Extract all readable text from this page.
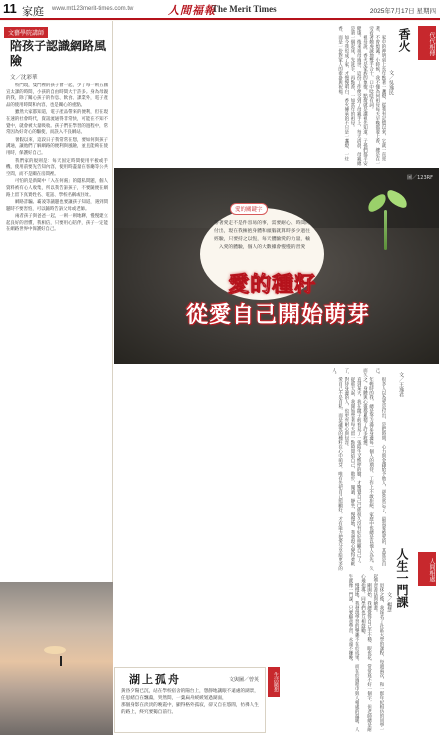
11 家庭 www.mt123merit-times.com.tw	人間福報
The Merit Times	2025年7月17日 星期四
文藝學院講師
陪孩子認識網路風險
文／沈彩華

校門現，隻門裡的孩子會一起，少了每一則五國宣太課的時間，小孩的自由時間大于許多。身為母親的我，除了關心孩子的作息、飲食、課業外，電子產品的使用時間和內容，也是關心的重點。

雖然大家都知道，電子產品帶來的便利，但在現在速的社會時代，資訊流通得非常快，可能在不知不覺中，就會被大量吸收。孩子們在學習的過程中，常常因為好奇心的驅使，而誤入不良網站。

暑假以來，這段日子我常常在想，要如何與孩子溝通，讓他們了解網路的便利與風險，並且能夠在使用時，保護好自己。

我們家的規則是：每天固定時間使用平板或手機，使用前要先告知內容，使用時盡量在客廳等公共空間，而不是關在房間裡。

可怕的是新聞中「入在何處」的隱私問題，個人資料被有心人收集，所以我告訴孩子，不要隨便在網路上留下真實姓名、電話、學校名稱或住址。

網路詐騙、霸凌等議題也要讓孩子知道，遇到問題時不要害怕，可以隨時告訴父母或老師。

兩者孩子與爸爸一起，一則一則地聊，慢慢建立起良好的習慣，我相信，只要用心陪伴，孩子一定能在網路世界中保護好自己。

代代相傳
香火
文／吳逸民

家中的神明桌上長年點著一盞燈，從我有記憶以來，它就一直亮著，不曾熄滅。小時候，我不懂為何祖母每天早晚都要上香，總是在一旁看著她虔誠地雙手合十，口中唸唸有詞。

祖母說，香火是家族的象徵，點燈就是讓祖先知道，子孫們都平安健康。後來祖母過世，這份工作便交到了母親手上，每天清晨，母親總是第一個起床，先洗手、再點香，一如當年的祖母。

如今我也成了家，才慢慢明白，香火傳承的不只是一盞燈、一炷香，而是一份對家人的牽掛與祝福。

圖／123RF
愛的關鍵字
帶著愛走不是件容易的事，需要耐心、時間的付出，現在我擁抱身體和頭腦就算時多少過往經驗，只要持之以恆，每天體驗愛的力量，輸入愛的體驗，個人的大數據會慢慢的習愛
愛的種籽
從愛自己開始萌芽
文／王逸君

很多人以為愛是付出，是把時間、心力與金錢給予他人，卻常常忘了，最需要被愛的，其實是自己。

年輕時的我，總是努力滿足身邊每一個人的期待，工作上不敢拒絕，家庭中也總是以他人為先，久而久之，身體與心靈都累積了許多疲憊。

直到某天，我在鏡子前看見了一張陌生又憔悴的臉，才驚覺自己已經很久沒有好好照顧自己了。

從那天起，我開始學著每天留一點時間給自己，散步、閱讀、靜坐，慢慢地，我發現心變得柔軟了，對待身邊的人，也更有耐心與包容。

愛自己不是自私，而是讓愛的種籽在心中萌芽，唯有先把自己照顧好，才有能力把愛分享給更多的人。

人間相處
人生一門課
文／楊慧

退休之後，我報名了社區大學的課程，每週兩次，和一群年紀相仿的同學一起學習書法與繪畫。

剛開始，我總覺得自己手不穩、眼也花，常常寫不好一個字，但老師總是耐心地指導，同學們也互相鼓勵。

慢慢地，我發現學習的樂趣不在於成果，而在於過程中與人相處的溫暖，人生就像一門課，只要願意學習，永遠不嫌晚。

湖上孤舟	文與圖／曾英
黃昏夕陽已沉，站在學校宿舍的陽台上，想靜地讓眼不遠處的湖景，任思緒自在飄蕩，突然間，一葉扁舟緩緩划過湖面，
那個身影在淡淡的晚霞中，顯得格外孤寂，卻又自在悠閒，彷彿人生的路上，終究要獨自前行。
生活隨想
